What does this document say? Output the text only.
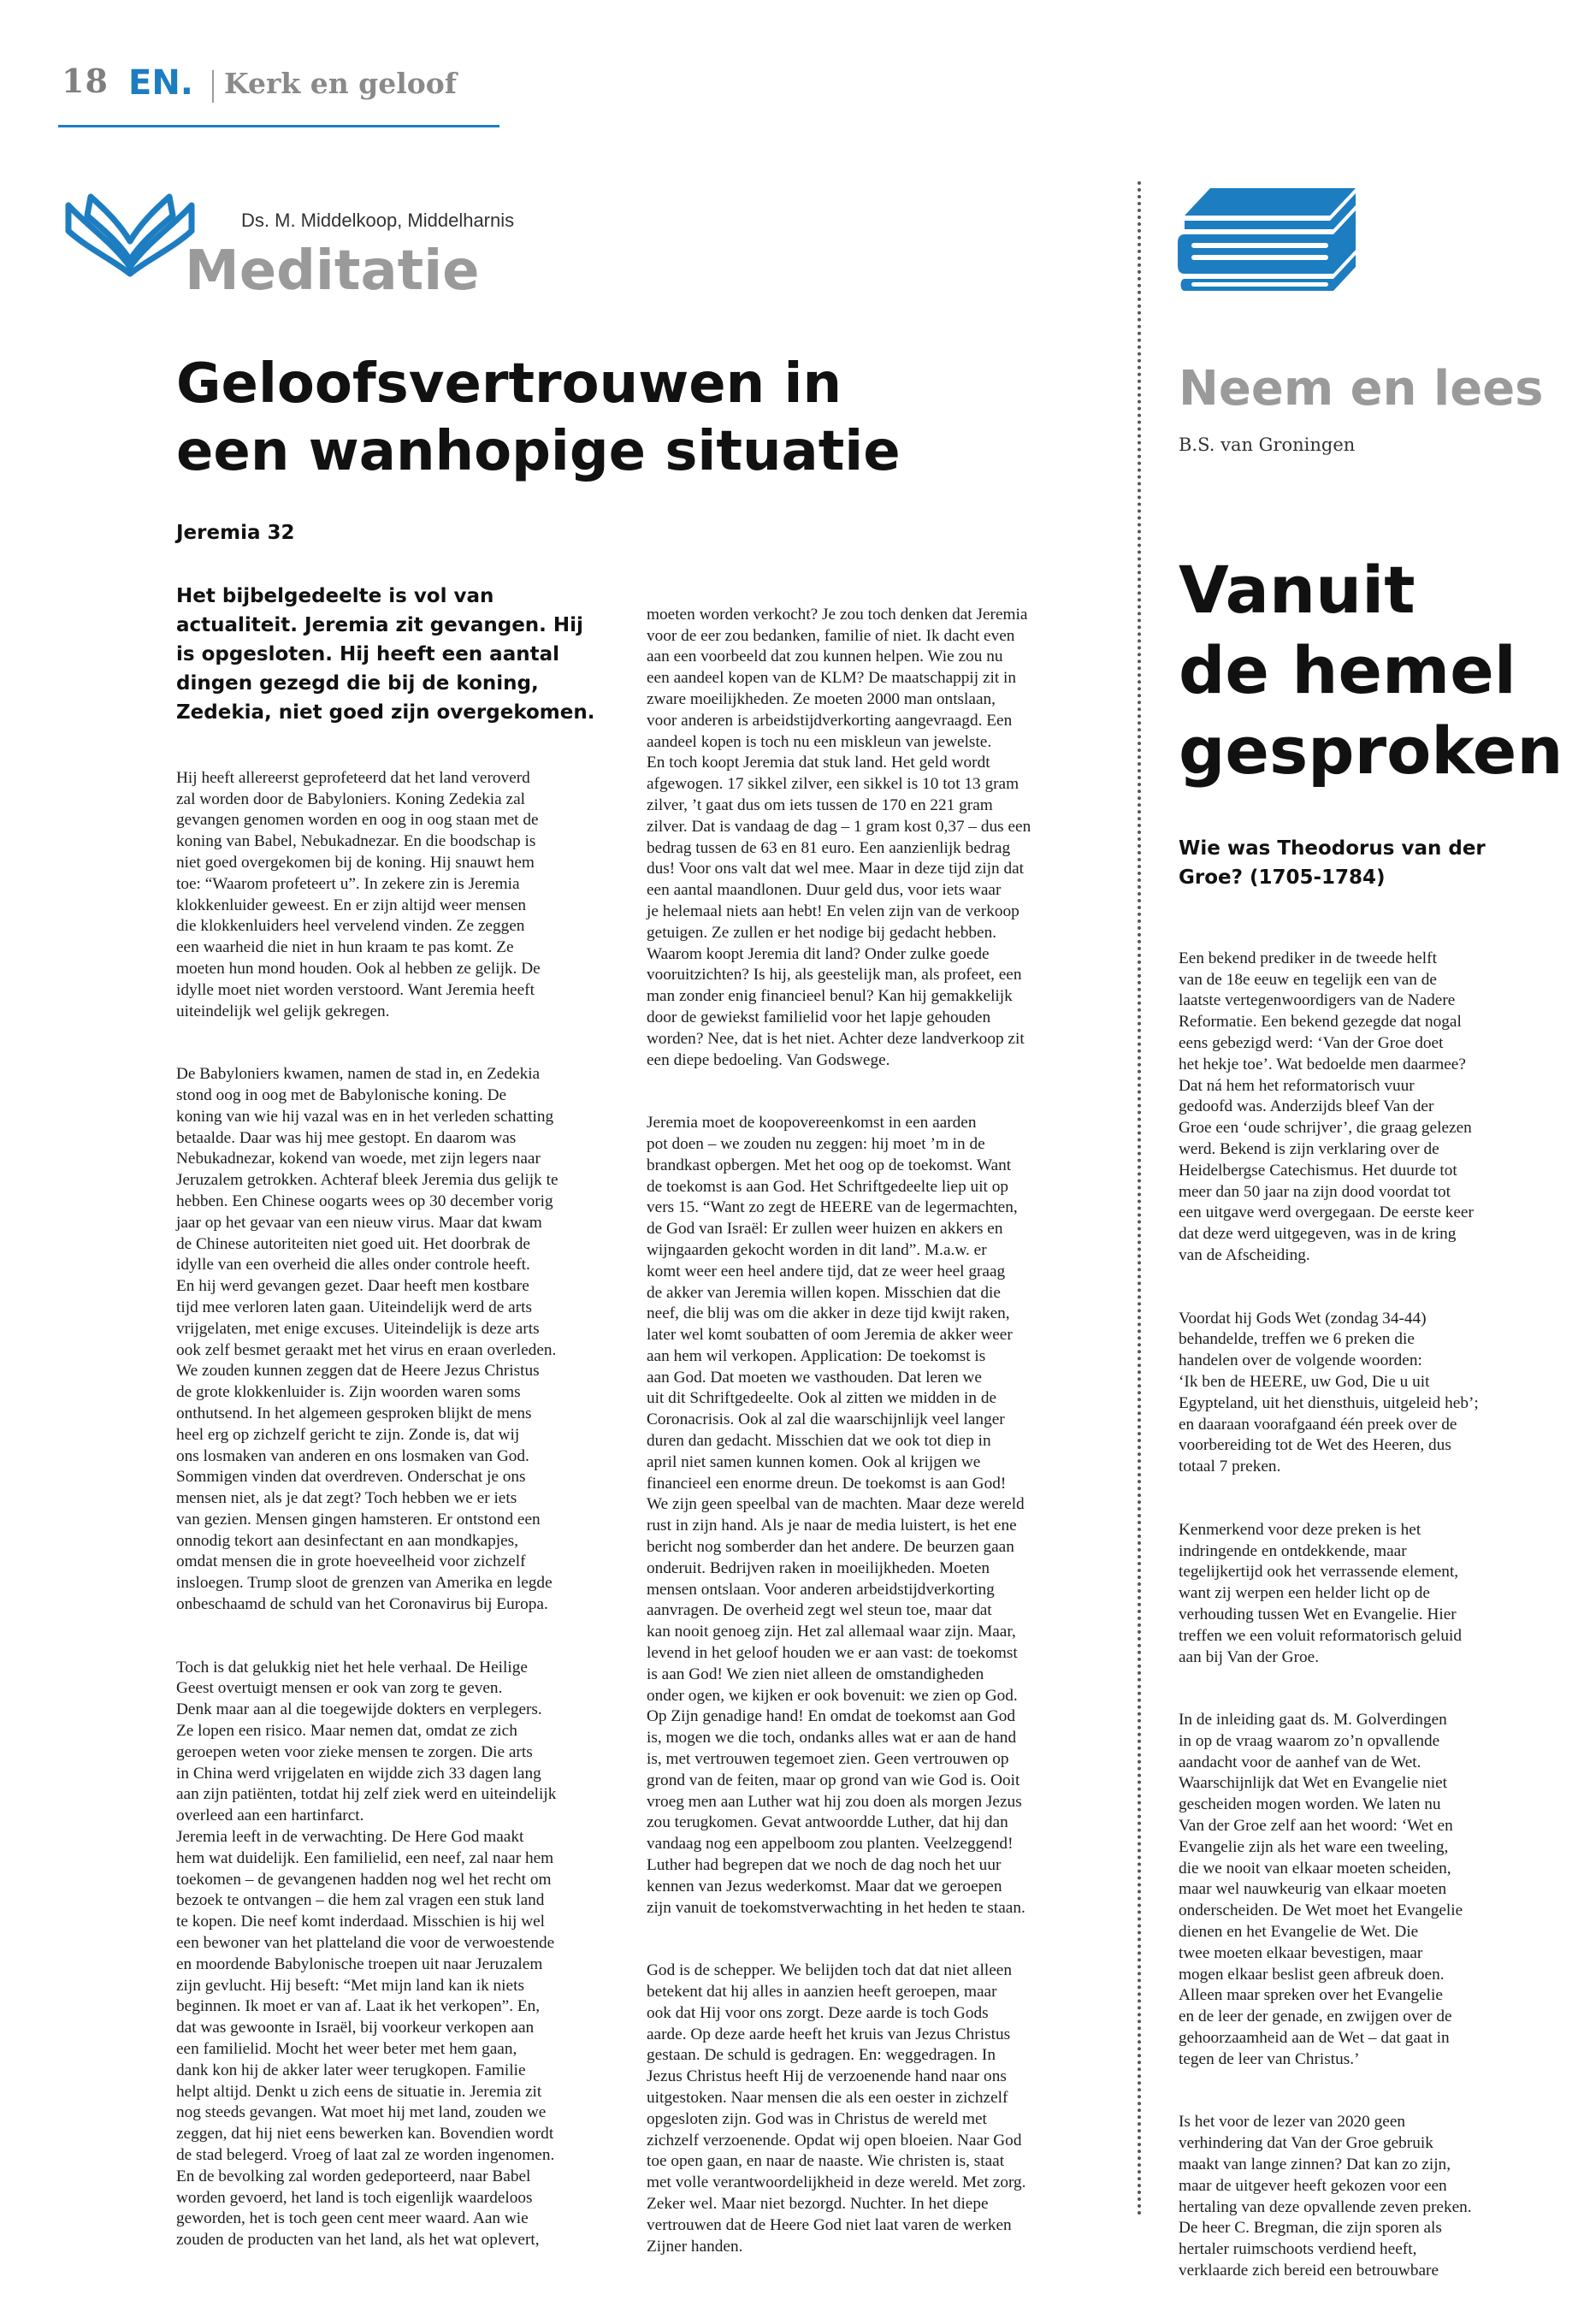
18 EN. Kerk en geloof
Ds. M. Middelkoop, Middelharnis
Meditatie
Geloofsvertrouwen in
een wanhopige situatie
Jeremia 32
Het bijbelgedeelte is vol van actualiteit. Jeremia zit gevangen. Hij is opgesloten. Hij heeft een aantal dingen gezegd die bij de koning, Zedekia, niet goed zijn overgekomen.

Hij heeft allereerst geprofeteerd dat het land veroverd
zal worden door de Babyloniers. Koning Zedekia zal
gevangen genomen worden en oog in oog staan met de
koning van Babel, Nebukadnezar. En die boodschap is
niet goed overgekomen bij de koning. Hij snauwt hem
toe: “Waarom profeteert u”. In zekere zin is Jeremia
klokkenluider geweest. En er zijn altijd weer mensen
die klokkenluiders heel vervelend vinden. Ze zeggen
een waarheid die niet in hun kraam te pas komt. Ze
moeten hun mond houden. Ook al hebben ze gelijk. De
idylle moet niet worden verstoord. Want Jeremia heeft
uiteindelijk wel gelijk gekregen.

De Babyloniers kwamen, namen de stad in, en Zedekia
stond oog in oog met de Babylonische koning. De
koning van wie hij vazal was en in het verleden schatting
betaalde. Daar was hij mee gestopt. En daarom was
Nebukadnezar, kokend van woede, met zijn legers naar
Jeruzalem getrokken. Achteraf bleek Jeremia dus gelijk te
hebben. Een Chinese oogarts wees op 30 december vorig
jaar op het gevaar van een nieuw virus. Maar dat kwam
de Chinese autoriteiten niet goed uit. Het doorbrak de
idylle van een overheid die alles onder controle heeft.
En hij werd gevangen gezet. Daar heeft men kostbare
tijd mee verloren laten gaan. Uiteindelijk werd de arts
vrijgelaten, met enige excuses. Uiteindelijk is deze arts
ook zelf besmet geraakt met het virus en eraan overleden.
We zouden kunnen zeggen dat de Heere Jezus Christus
de grote klokkenluider is. Zijn woorden waren soms
onthutsend. In het algemeen gesproken blijkt de mens
heel erg op zichzelf gericht te zijn. Zonde is, dat wij
ons losmaken van anderen en ons losmaken van God.
Sommigen vinden dat overdreven. Onderschat je ons
mensen niet, als je dat zegt? Toch hebben we er iets
van gezien. Mensen gingen hamsteren. Er ontstond een
onnodig tekort aan desinfectant en aan mondkapjes,
omdat mensen die in grote hoeveelheid voor zichzelf
insloegen. Trump sloot de grenzen van Amerika en legde
onbeschaamd de schuld van het Coronavirus bij Europa.

Toch is dat gelukkig niet het hele verhaal. De Heilige
Geest overtuigt mensen er ook van zorg te geven.
Denk maar aan al die toegewijde dokters en verplegers.
Ze lopen een risico. Maar nemen dat, omdat ze zich
geroepen weten voor zieke mensen te zorgen. Die arts
in China werd vrijgelaten en wijdde zich 33 dagen lang
aan zijn patiënten, totdat hij zelf ziek werd en uiteindelijk
overleed aan een hartinfarct.
Jeremia leeft in de verwachting. De Here God maakt
hem wat duidelijk. Een familielid, een neef, zal naar hem
toekomen – de gevangenen hadden nog wel het recht om
bezoek te ontvangen – die hem zal vragen een stuk land
te kopen. Die neef komt inderdaad. Misschien is hij wel
een bewoner van het platteland die voor de verwoestende
en moordende Babylonische troepen uit naar Jeruzalem
zijn gevlucht. Hij beseft: “Met mijn land kan ik niets
beginnen. Ik moet er van af. Laat ik het verkopen”. En,
dat was gewoonte in Israël, bij voorkeur verkopen aan
een familielid. Mocht het weer beter met hem gaan,
dank kon hij de akker later weer terugkopen. Familie
helpt altijd. Denkt u zich eens de situatie in. Jeremia zit
nog steeds gevangen. Wat moet hij met land, zouden we
zeggen, dat hij niet eens bewerken kan. Bovendien wordt
de stad belegerd. Vroeg of laat zal ze worden ingenomen.
En de bevolking zal worden gedeporteerd, naar Babel
worden gevoerd, het land is toch eigenlijk waardeloos
geworden, het is toch geen cent meer waard. Aan wie
zouden de producten van het land, als het wat oplevert,

moeten worden verkocht? Je zou toch denken dat Jeremia
voor de eer zou bedanken, familie of niet. Ik dacht even
aan een voorbeeld dat zou kunnen helpen. Wie zou nu
een aandeel kopen van de KLM? De maatschappij zit in
zware moeilijkheden. Ze moeten 2000 man ontslaan,
voor anderen is arbeidstijdverkorting aangevraagd. Een
aandeel kopen is toch nu een miskleun van jewelste.
En toch koopt Jeremia dat stuk land. Het geld wordt
afgewogen. 17 sikkel zilver, een sikkel is 10 tot 13 gram
zilver, ’t gaat dus om iets tussen de 170 en 221 gram
zilver. Dat is vandaag de dag – 1 gram kost 0,37 – dus een
bedrag tussen de 63 en 81 euro. Een aanzienlijk bedrag
dus! Voor ons valt dat wel mee. Maar in deze tijd zijn dat
een aantal maandlonen. Duur geld dus, voor iets waar
je helemaal niets aan hebt! En velen zijn van de verkoop
getuigen. Ze zullen er het nodige bij gedacht hebben.
Waarom koopt Jeremia dit land? Onder zulke goede
vooruitzichten? Is hij, als geestelijk man, als profeet, een
man zonder enig financieel benul? Kan hij gemakkelijk
door de gewiekst familielid voor het lapje gehouden
worden? Nee, dat is het niet. Achter deze landverkoop zit
een diepe bedoeling. Van Godswege.

Jeremia moet de koopovereenkomst in een aarden
pot doen – we zouden nu zeggen: hij moet ’m in de
brandkast opbergen. Met het oog op de toekomst. Want
de toekomst is aan God. Het Schriftgedeelte liep uit op
vers 15. “Want zo zegt de HEERE van de legermachten,
de God van Israël: Er zullen weer huizen en akkers en
wijngaarden gekocht worden in dit land”. M.a.w. er
komt weer een heel andere tijd, dat ze weer heel graag
de akker van Jeremia willen kopen. Misschien dat die
neef, die blij was om die akker in deze tijd kwijt raken,
later wel komt soubatten of oom Jeremia de akker weer
aan hem wil verkopen. Application: De toekomst is
aan God. Dat moeten we vasthouden. Dat leren we
uit dit Schriftgedeelte. Ook al zitten we midden in de
Coronacrisis. Ook al zal die waarschijnlijk veel langer
duren dan gedacht. Misschien dat we ook tot diep in
april niet samen kunnen komen. Ook al krijgen we
financieel een enorme dreun. De toekomst is aan God!
We zijn geen speelbal van de machten. Maar deze wereld
rust in zijn hand. Als je naar de media luistert, is het ene
bericht nog somberder dan het andere. De beurzen gaan
onderuit. Bedrijven raken in moeilijkheden. Moeten
mensen ontslaan. Voor anderen arbeidstijdverkorting
aanvragen. De overheid zegt wel steun toe, maar dat
kan nooit genoeg zijn. Het zal allemaal waar zijn. Maar,
levend in het geloof houden we er aan vast: de toekomst
is aan God! We zien niet alleen de omstandigheden
onder ogen, we kijken er ook bovenuit: we zien op God.
Op Zijn genadige hand! En omdat de toekomst aan God
is, mogen we die toch, ondanks alles wat er aan de hand
is, met vertrouwen tegemoet zien. Geen vertrouwen op
grond van de feiten, maar op grond van wie God is. Ooit
vroeg men aan Luther wat hij zou doen als morgen Jezus
zou terugkomen. Gevat antwoordde Luther, dat hij dan
vandaag nog een appelboom zou planten. Veelzeggend!
Luther had begrepen dat we noch de dag noch het uur
kennen van Jezus wederkomst. Maar dat we geroepen
zijn vanuit de toekomstverwachting in het heden te staan.

God is de schepper. We belijden toch dat dat niet alleen
betekent dat hij alles in aanzien heeft geroepen, maar
ook dat Hij voor ons zorgt. Deze aarde is toch Gods
aarde. Op deze aarde heeft het kruis van Jezus Christus
gestaan. De schuld is gedragen. En: weggedragen. In
Jezus Christus heeft Hij de verzoenende hand naar ons
uitgestoken. Naar mensen die als een oester in zichzelf
opgesloten zijn. God was in Christus de wereld met
zichzelf verzoenende. Opdat wij open bloeien. Naar God
toe open gaan, en naar de naaste. Wie christen is, staat
met volle verantwoordelijkheid in deze wereld. Met zorg.
Zeker wel. Maar niet bezorgd. Nuchter. In het diepe
vertrouwen dat de Heere God niet laat varen de werken
Zijner handen.

Neem en lees
B.S. van Groningen
Vanuit
de hemel
gesproken
Wie was Theodorus van der Groe? (1705-1784)

Een bekend prediker in de tweede helft
van de 18e eeuw en tegelijk een van de
laatste vertegenwoordigers van de Nadere
Reformatie. Een bekend gezegde dat nogal
eens gebezigd werd: ‘Van der Groe doet
het hekje toe’. Wat bedoelde men daarmee?
Dat ná hem het reformatorisch vuur
gedoofd was. Anderzijds bleef Van der
Groe een ‘oude schrijver’, die graag gelezen
werd. Bekend is zijn verklaring over de
Heidelbergse Catechismus. Het duurde tot
meer dan 50 jaar na zijn dood voordat tot
een uitgave werd overgegaan. De eerste keer
dat deze werd uitgegeven, was in de kring
van de Afscheiding.

Voordat hij Gods Wet (zondag 34-44)
behandelde, treffen we 6 preken die
handelen over de volgende woorden:
‘Ik ben de HEERE, uw God, Die u uit
Egypteland, uit het diensthuis, uitgeleid heb’;
en daaraan voorafgaand één preek over de
voorbereiding tot de Wet des Heeren, dus
totaal 7 preken.

Kenmerkend voor deze preken is het
indringende en ontdekkende, maar
tegelijkertijd ook het verrassende element,
want zij werpen een helder licht op de
verhouding tussen Wet en Evangelie. Hier
treffen we een voluit reformatorisch geluid
aan bij Van der Groe.

In de inleiding gaat ds. M. Golverdingen
in op de vraag waarom zo’n opvallende
aandacht voor de aanhef van de Wet.
Waarschijnlijk dat Wet en Evangelie niet
gescheiden mogen worden. We laten nu
Van der Groe zelf aan het woord: ‘Wet en
Evangelie zijn als het ware een tweeling,
die we nooit van elkaar moeten scheiden,
maar wel nauwkeurig van elkaar moeten
onderscheiden. De Wet moet het Evangelie
dienen en het Evangelie de Wet. Die
twee moeten elkaar bevestigen, maar
mogen elkaar beslist geen afbreuk doen.
Alleen maar spreken over het Evangelie
en de leer der genade, en zwijgen over de
gehoorzaamheid aan de Wet – dat gaat in
tegen de leer van Christus.’

Is het voor de lezer van 2020 geen
verhindering dat Van der Groe gebruik
maakt van lange zinnen? Dat kan zo zijn,
maar de uitgever heeft gekozen voor een
hertaling van deze opvallende zeven preken.
De heer C. Bregman, die zijn sporen als
hertaler ruimschoots verdiend heeft,
verklaarde zich bereid een betrouwbare
